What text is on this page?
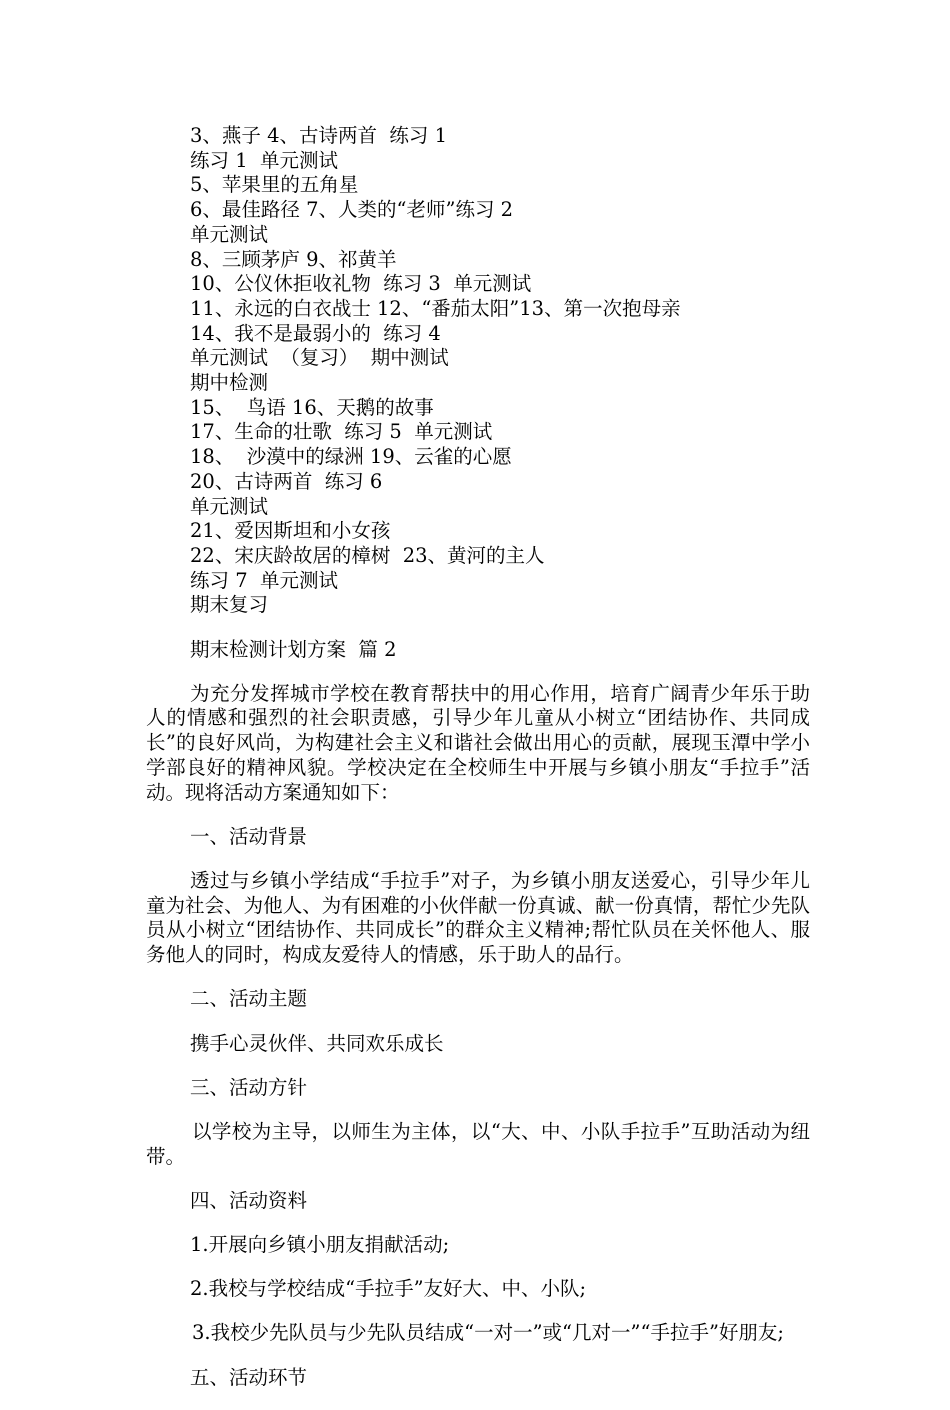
3、燕子 4、古诗两首  练习 1

练习 1  单元测试

5、苹果里的五角星

6、最佳路径 7、人类的“老师”练习 2

单元测试

8、三顾茅庐 9、祁黄羊

10、公仪休拒收礼物  练习 3  单元测试

11、永远的白衣战士 12、“番茄太阳”13、第一次抱母亲

14、我不是最弱小的  练习 4

单元测试  （复习）  期中测试

期中检测

15、  鸟语 16、天鹅的故事

17、生命的壮歌  练习 5  单元测试

18、  沙漠中的绿洲 19、云雀的心愿

20、古诗两首  练习 6

单元测试

21、爱因斯坦和小女孩

22、宋庆龄故居的樟树  23、黄河的主人

练习 7  单元测试

期末复习

期末检测计划方案  篇 2

为充分发挥城市学校在教育帮扶中的用心作用，培育广阔青少年乐于助人的情感和强烈的社会职责感，引导少年儿童从小树立“团结协作、共同成长”的良好风尚，为构建社会主义和谐社会做出用心的贡献，展现玉潭中学小学部良好的精神风貌。学校决定在全校师生中开展与乡镇小朋友“手拉手”活动。现将活动方案通知如下：

一、活动背景

透过与乡镇小学结成“手拉手”对子，为乡镇小朋友送爱心，引导少年儿童为社会、为他人、为有困难的小伙伴献一份真诚、献一份真情，帮忙少先队员从小树立“团结协作、共同成长”的群众主义精神;帮忙队员在关怀他人、服务他人的同时，构成友爱待人的情感，乐于助人的品行。

二、活动主题

携手心灵伙伴、共同欢乐成长

三、活动方针

以学校为主导，以师生为主体，以“大、中、小队手拉手”互助活动为纽带。

四、活动资料

1.开展向乡镇小朋友捐献活动;

2.我校与学校结成“手拉手”友好大、中、小队;

3.我校少先队员与少先队员结成“一对一”或“几对一”“手拉手”好朋友;

五、活动环节
